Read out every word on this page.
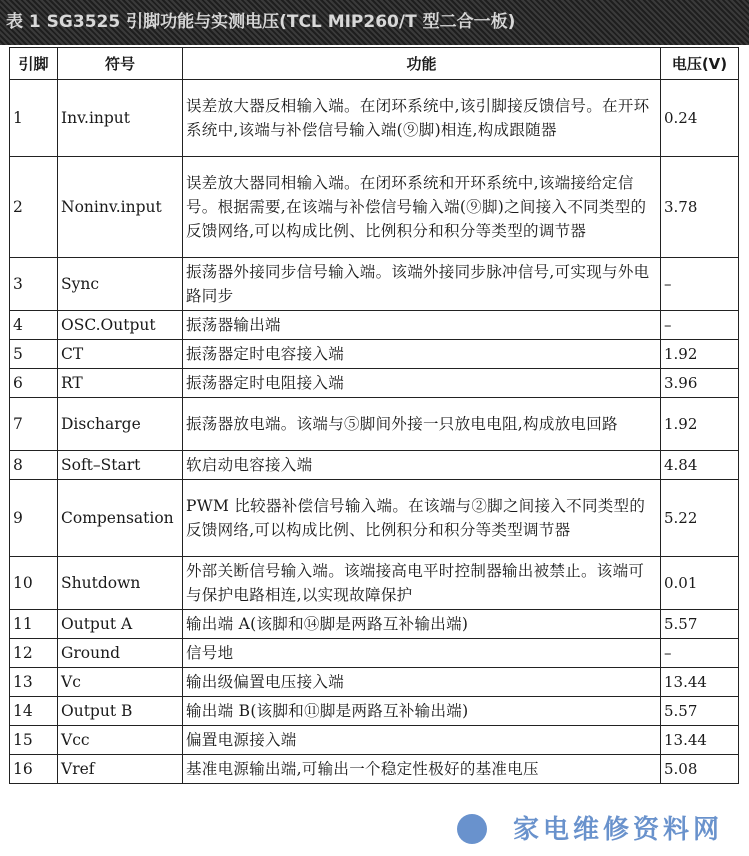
表 1 SG3525 引脚功能与实测电压(TCL MIP260/T 型二合一板)
引脚	符号	功能	电压(V)
1	Inv.input	误差放大器反相输入端。在闭环系统中,该引脚接反馈信号。在开环系统中,该端与补偿信号输入端(⑨脚)相连,构成跟随器	0.24
2	Noninv.input	误差放大器同相输入端。在闭环系统和开环系统中,该端接给定信号。根据需要,在该端与补偿信号输入端(⑨脚)之间接入不同类型的反馈网络,可以构成比例、比例积分和积分等类型的调节器	3.78
3	Sync	振荡器外接同步信号输入端。该端外接同步脉冲信号,可实现与外电路同步	–
4	OSC.Output	振荡器输出端	–
5	CT	振荡器定时电容接入端	1.92
6	RT	振荡器定时电阻接入端	3.96
7	Discharge	振荡器放电端。该端与⑤脚间外接一只放电电阻,构成放电回路	1.92
8	Soft–Start	软启动电容接入端	4.84
9	Compensation	PWM 比较器补偿信号输入端。在该端与②脚之间接入不同类型的反馈网络,可以构成比例、比例积分和积分等类型调节器	5.22
10	Shutdown	外部关断信号输入端。该端接高电平时控制器输出被禁止。该端可与保护电路相连,以实现故障保护	0.01
11	Output A	输出端 A(该脚和⑭脚是两路互补输出端)	5.57
12	Ground	信号地	–
13	Vc	输出级偏置电压接入端	13.44
14	Output B	输出端 B(该脚和⑪脚是两路互补输出端)	5.57
15	Vcc	偏置电源接入端	13.44
16	Vref	基准电源输出端,可输出一个稳定性极好的基准电压	5.08
家电维修资料网
